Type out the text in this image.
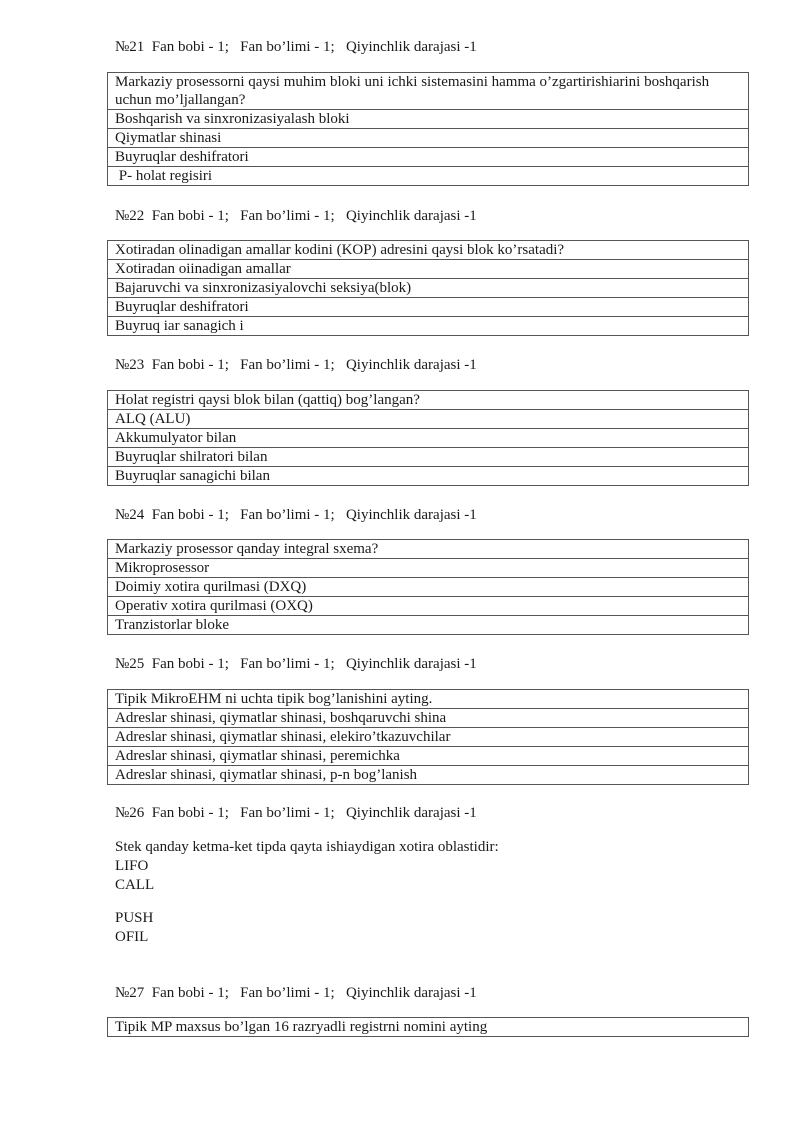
№21  Fan bobi - 1;   Fan bo’limi - 1;   Qiyinchlik darajasi -1
Markaziy prosessorni qaysi muhim bloki uni ichki sistemasini hamma o’zgartirishiarini boshqarish uchun mo’ljallangan?
Boshqarish va sinxronizasiyalash bloki
Qiymatlar shinasi
Buyruqlar deshifratori
P- holat regisiri
№22  Fan bobi - 1;   Fan bo’limi - 1;   Qiyinchlik darajasi -1
Xotiradan olinadigan amallar kodini (KOP) adresini qaysi blok ko’rsatadi?
Xotiradan oiinadigan amallar
Bajaruvchi va sinxronizasiyalovchi seksiya(blok)
Buyruqlar deshifratori
Buyruq iar sanagich i
№23  Fan bobi - 1;   Fan bo’limi - 1;   Qiyinchlik darajasi -1
Holat registri qaysi blok bilan (qattiq) bog’langan?
ALQ (ALU)
Akkumulyator bilan
Buyruqlar shilratori bilan
Buyruqlar sanagichi bilan
№24  Fan bobi - 1;   Fan bo’limi - 1;   Qiyinchlik darajasi -1
Markaziy prosessor qanday integral sxema?
Mikroprosessor
Doimiy xotira qurilmasi (DXQ)
Operativ xotira qurilmasi (OXQ)
Tranzistorlar bloke
№25  Fan bobi - 1;   Fan bo’limi - 1;   Qiyinchlik darajasi -1
Tipik MikroEHM ni uchta tipik bog’lanishini ayting.
Adreslar shinasi, qiymatlar shinasi, boshqaruvchi shina
Adreslar shinasi, qiymatlar shinasi, elekiro’tkazuvchilar
Adreslar shinasi, qiymatlar shinasi, peremichka
Adreslar shinasi, qiymatlar shinasi, p-n bog’lanish
№26  Fan bobi - 1;   Fan bo’limi - 1;   Qiyinchlik darajasi -1
Stek qanday ketma-ket tipda qayta ishiaydigan xotira oblastidir:
LIFO
CALL
PUSH
OFIL
№27  Fan bobi - 1;   Fan bo’limi - 1;   Qiyinchlik darajasi -1
Tipik MP maxsus bo’lgan 16 razryadli registrni nomini ayting
